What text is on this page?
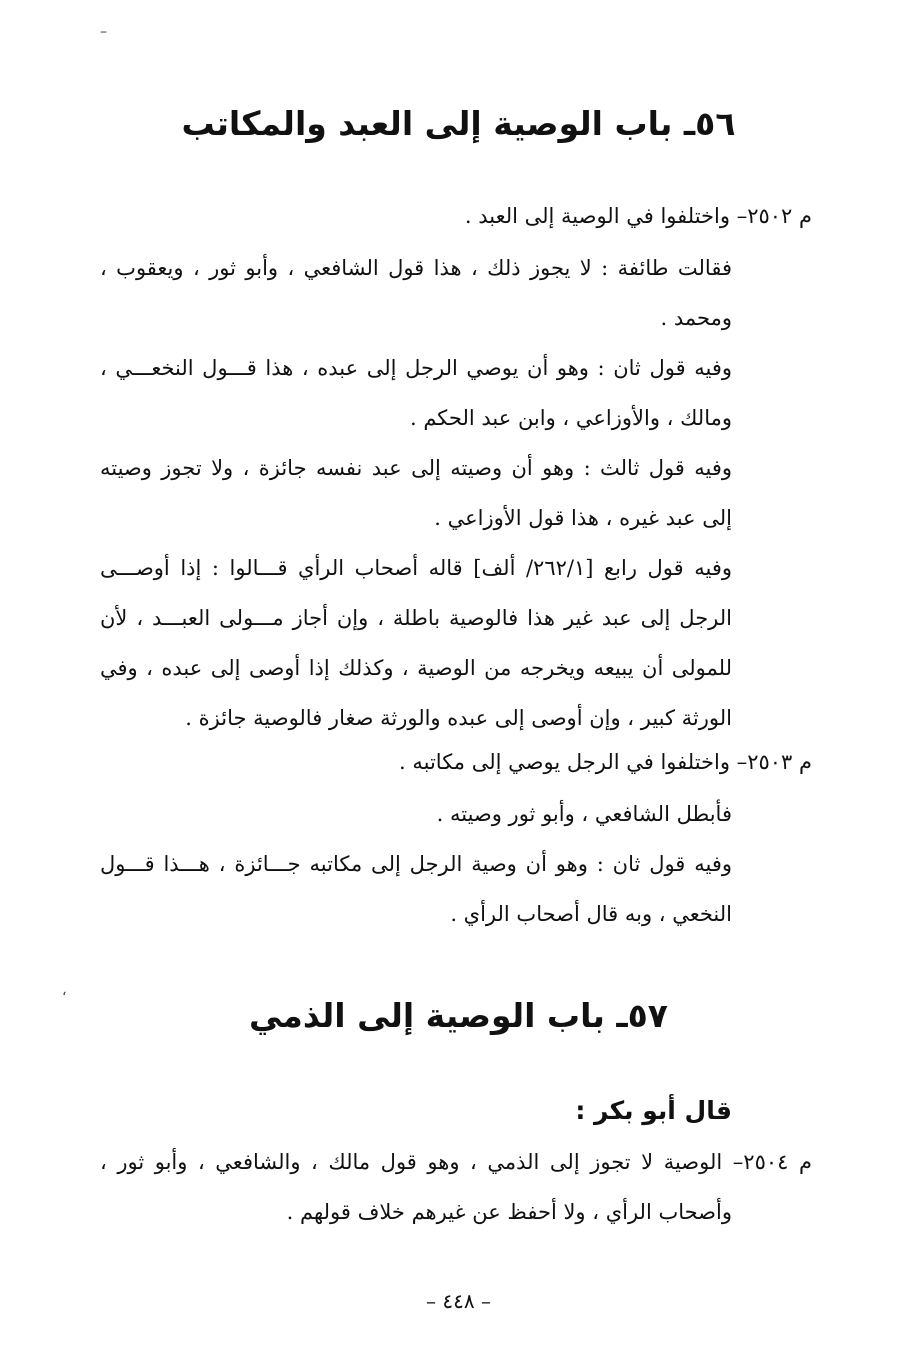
–
ʻ
٥٦ـ باب الوصية إلى العبد والمكاتب
م ٢٥٠٢– واختلفوا في الوصية إلى العبد .
فقالت طائفة : لا يجوز ذلك ، هذا قول الشافعي ، وأبو ثور ، ويعقوب ،
ومحمد .
وفيه قول ثان : وهو أن يوصي الرجل إلى عبده ، هذا قـــول النخعـــي ،
ومالك ، والأوزاعي ، وابن عبد الحكم .
وفيه قول ثالث : وهو أن وصيته إلى عبد نفسه جائزة ، ولا تجوز وصيته
إلى عبد غيره ، هذا قول الأوزاعي .
وفيه قول رابع [٢٦٢/١/ ألف] قاله أصحاب الرأي قـــالوا : إذا أوصـــى
الرجل إلى عبد غير هذا فالوصية باطلة ، وإن أجاز مـــولى العبـــد ، لأن
للمولى أن يبيعه ويخرجه من الوصية ، وكذلك إذا أوصى إلى عبده ، وفي
الورثة كبير ، وإن أوصى إلى عبده والورثة صغار فالوصية جائزة .
م ٢٥٠٣– واختلفوا في الرجل يوصي إلى مكاتبه .
فأبطل الشافعي ، وأبو ثور وصيته .
وفيه قول ثان : وهو أن وصية الرجل إلى مكاتبه جـــائزة ، هـــذا قـــول
النخعي ، وبه قال أصحاب الرأي .
٥٧ـ باب الوصية إلى الذمي
قال أبو بكر :
م ٢٥٠٤– الوصية لا تجوز إلى الذمي ، وهو قول مالك ، والشافعي ، وأبو ثور ،
وأصحاب الرأي ، ولا أحفظ عن غيرهم خلاف قولهم .
– ٤٤٨ –
